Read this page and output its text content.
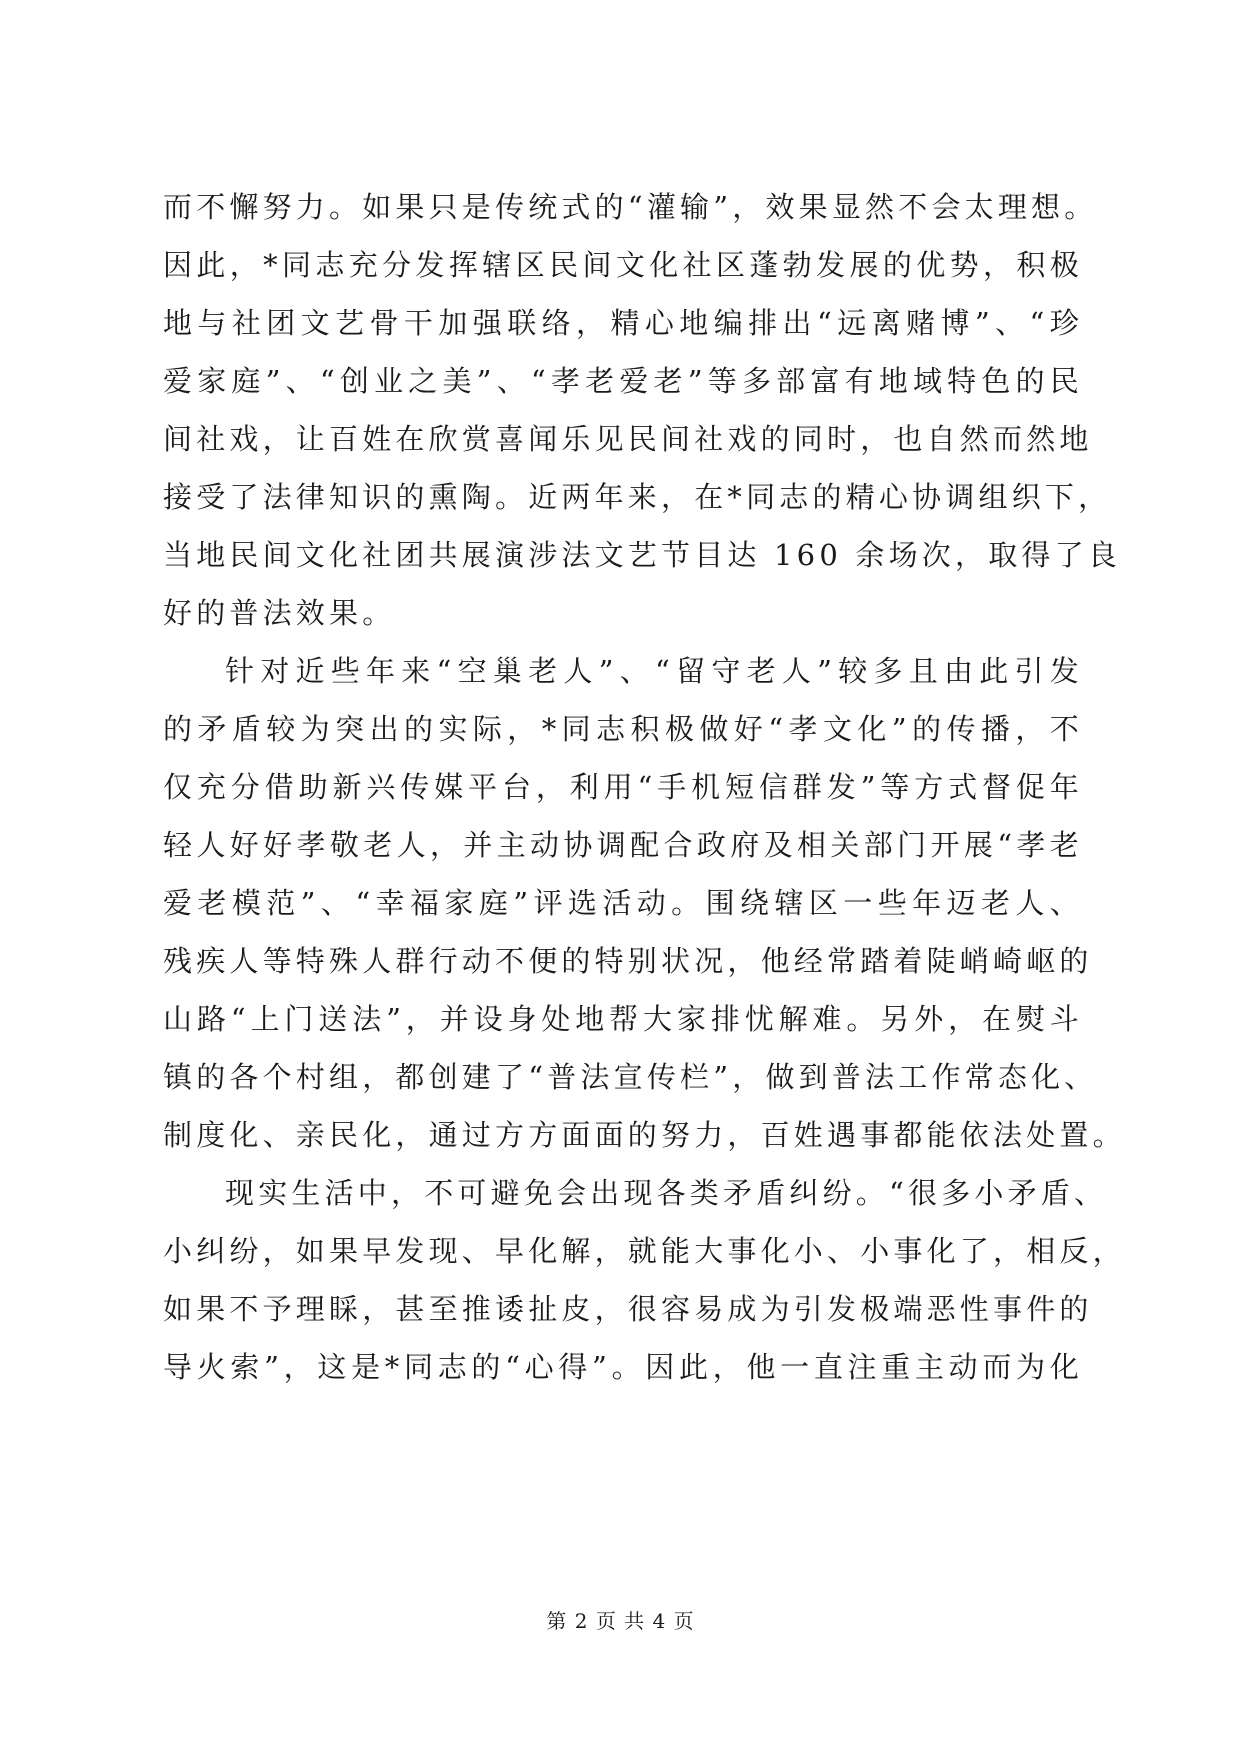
而不懈努力。如果只是传统式的“灌输”，效果显然不会太理想。
因此，*同志充分发挥辖区民间文化社区蓬勃发展的优势，积极
地与社团文艺骨干加强联络，精心地编排出“远离赌博”、“珍
爱家庭”、“创业之美”、“孝老爱老”等多部富有地域特色的民
间社戏，让百姓在欣赏喜闻乐见民间社戏的同时，也自然而然地
接受了法律知识的熏陶。近两年来，在*同志的精心协调组织下，
当地民间文化社团共展演涉法文艺节目达 160 余场次，取得了良
好的普法效果。
针对近些年来“空巢老人”、“留守老人”较多且由此引发
的矛盾较为突出的实际，*同志积极做好“孝文化”的传播，不
仅充分借助新兴传媒平台，利用“手机短信群发”等方式督促年
轻人好好孝敬老人，并主动协调配合政府及相关部门开展“孝老
爱老模范”、“幸福家庭”评选活动。围绕辖区一些年迈老人、
残疾人等特殊人群行动不便的特别状况，他经常踏着陡峭崎岖的
山路“上门送法”，并设身处地帮大家排忧解难。另外，在熨斗
镇的各个村组，都创建了“普法宣传栏”，做到普法工作常态化、
制度化、亲民化，通过方方面面的努力，百姓遇事都能依法处置。
现实生活中，不可避免会出现各类矛盾纠纷。“很多小矛盾、
小纠纷，如果早发现、早化解，就能大事化小、小事化了，相反，
如果不予理睬，甚至推诿扯皮，很容易成为引发极端恶性事件的
导火索”，这是*同志的“心得”。因此，他一直注重主动而为化
第 2 页 共 4 页
